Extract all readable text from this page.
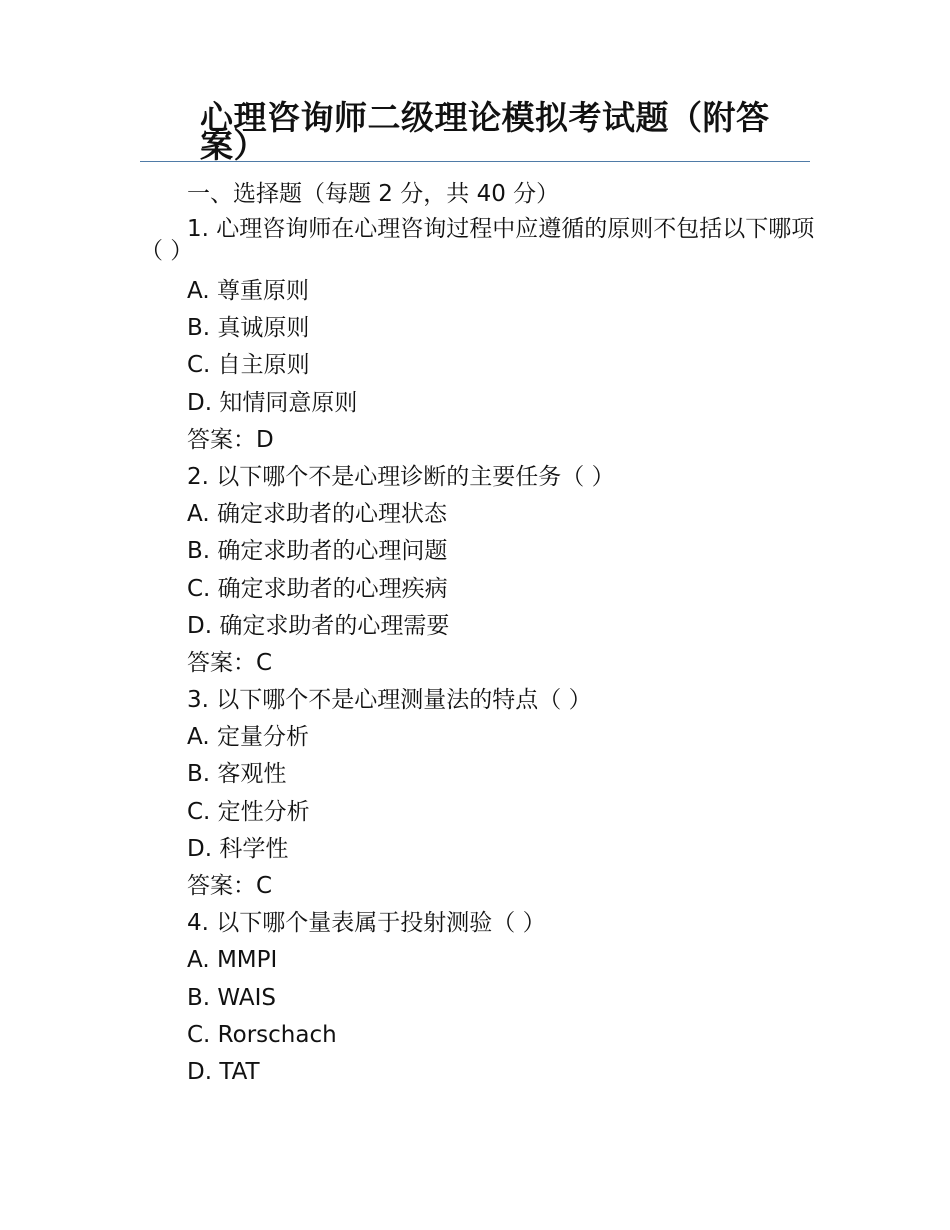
心理咨询师二级理论模拟考试题（附答案）
一、选择题（每题 2 分，共 40 分）
1. 心理咨询师在心理咨询过程中应遵循的原则不包括以下哪项（ ）
A. 尊重原则
B. 真诚原则
C. 自主原则
D. 知情同意原则
答案：D
2. 以下哪个不是心理诊断的主要任务（ ）
A. 确定求助者的心理状态
B. 确定求助者的心理问题
C. 确定求助者的心理疾病
D. 确定求助者的心理需要
答案：C
3. 以下哪个不是心理测量法的特点（ ）
A. 定量分析
B. 客观性
C. 定性分析
D. 科学性
答案：C
4. 以下哪个量表属于投射测验（ ）
A. MMPI
B. WAIS
C. Rorschach
D. TAT
